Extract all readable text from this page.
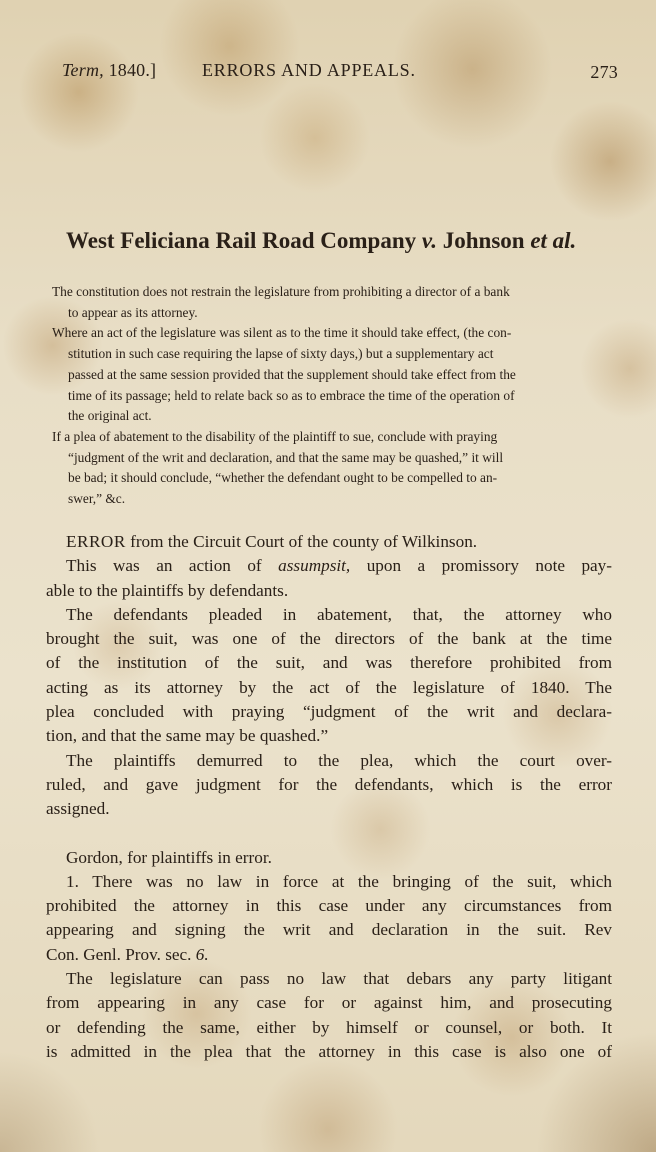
Term, 1840.]	ERRORS AND APPEALS.	273
West Feliciana Rail Road Company v. Johnson et al.
The constitution does not restrain the legislature from prohibiting a director of a bank
to appear as its attorney.
Where an act of the legislature was silent as to the time it should take effect, (the con-
stitution in such case requiring the lapse of sixty days,) but a supplementary act
passed at the same session provided that the supplement should take effect from the
time of its passage; held to relate back so as to embrace the time of the operation of
the original act.
If a plea of abatement to the disability of the plaintiff to sue, conclude with praying
“judgment of the writ and declaration, and that the same may be quashed,” it will
be bad; it should conclude, “whether the defendant ought to be compelled to an-
swer,” &c.
ERROR from the Circuit Court of the county of Wilkinson.
This was an action of assumpsit, upon a promissory note pay-
able to the plaintiffs by defendants.
The defendants pleaded in abatement, that, the attorney who
brought the suit, was one of the directors of the bank at the time
of the institution of the suit, and was therefore prohibited from
acting as its attorney by the act of the legislature of 1840. The
plea concluded with praying “judgment of the writ and declara-
tion, and that the same may be quashed.”
The plaintiffs demurred to the plea, which the court over-
ruled, and gave judgment for the defendants, which is the error
assigned.
Gordon, for plaintiffs in error.
1. There was no law in force at the bringing of the suit, which
prohibited the attorney in this case under any circumstances from
appearing and signing the writ and declaration in the suit. Rev
Con. Genl. Prov. sec. 6.
The legislature can pass no law that debars any party litigant
from appearing in any case for or against him, and prosecuting
or defending the same, either by himself or counsel, or both. It
is admitted in the plea that the attorney in this case is also one of
